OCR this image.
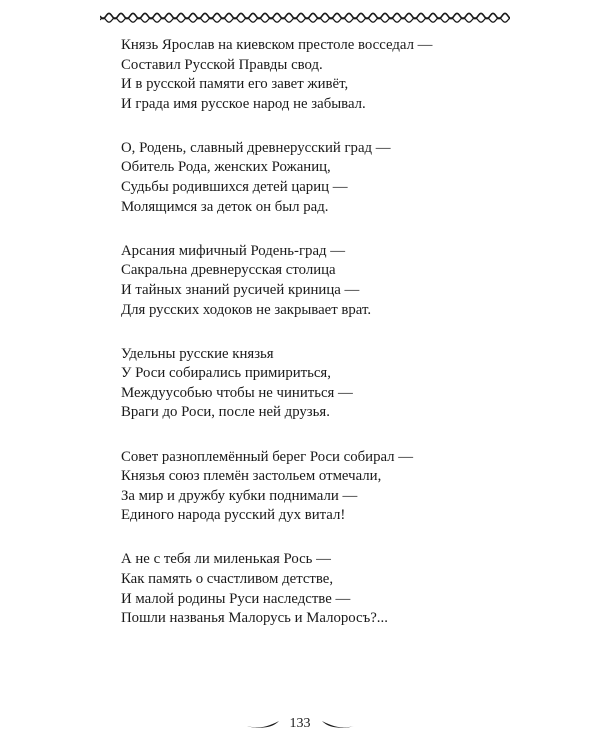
Князь Ярослав на киевском престоле восседал —
Составил Русской Правды свод.
И в русской памяти его завет живёт,
И града имя русское народ не забывал.
О, Родень, славный древнерусский град —
Обитель Рода, женских Рожаниц,
Судьбы родившихся детей цариц —
Молящимся за деток он был рад.
Арсания мифичный Родень-град —
Сакральна древнерусская столица
И тайных знаний русичей криница —
Для русских ходоков не закрывает врат.
Удельны русские князья
У Роси собирались примириться,
Междуусобью чтобы не чиниться —
Враги до Роси, после ней друзья.
Совет разноплемённый берег Роси собирал —
Князья союз племён застольем отмечали,
За мир и дружбу кубки поднимали —
Единого народа русский дух витал!
А не с тебя ли миленькая Рось —
Как память о счастливом детстве,
И малой родины Руси наследстве —
Пошли названья Малорусь и Малоросъ?...
133
